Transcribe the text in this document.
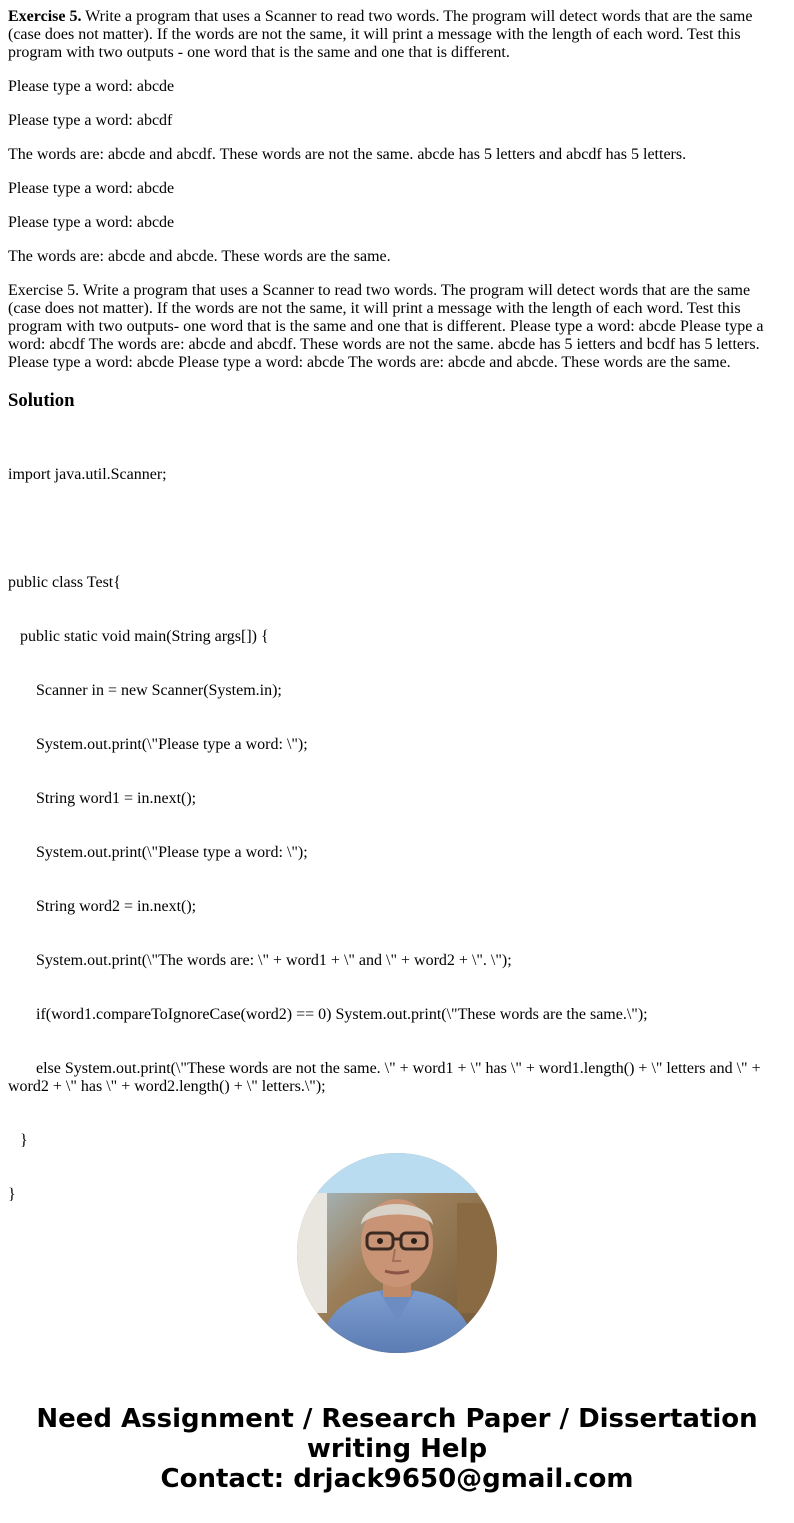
Exercise 5. Write a program that uses a Scanner to read two words. The program will detect words that are the same (case does not matter). If the words are not the same, it will print a message with the length of each word. Test this program with two outputs - one word that is the same and one that is different.

Please type a word: abcde

Please type a word: abcdf

The words are: abcde and abcdf. These words are not the same. abcde has 5 letters and abcdf has 5 letters.

Please type a word: abcde

Please type a word: abcde

The words are: abcde and abcde. These words are the same.

Exercise 5. Write a program that uses a Scanner to read two words. The program will detect words that are the same (case does not matter). If the words are not the same, it will print a message with the length of each word. Test this program with two outputs- one word that is the same and one that is different. Please type a word: abcde Please type a word: abcdf The words are: abcde and abcdf. These words are not the same. abcde has 5 ietters and bcdf has 5 letters. Please type a word: abcde Please type a word: abcde The words are: abcde and abcde. These words are the same.

Solution

import java.util.Scanner;

public class Test{

public static void main(String args[]) {

Scanner in = new Scanner(System.in);

System.out.print(\"Please type a word: \");

String word1 = in.next();

System.out.print(\"Please type a word: \");

String word2 = in.next();

System.out.print(\"The words are: \" + word1 + \" and \" + word2 + \". \");

if(word1.compareToIgnoreCase(word2) == 0) System.out.print(\"These words are the same.\");

else System.out.print(\"These words are not the same. \" + word1 + \" has \" + word1.length() + \" letters and \" + word2 + \" has \" + word2.length() + \" letters.\");

}

}

Need Assignment / Research Paper / Dissertation
writing Help
Contact: drjack9650@gmail.com
